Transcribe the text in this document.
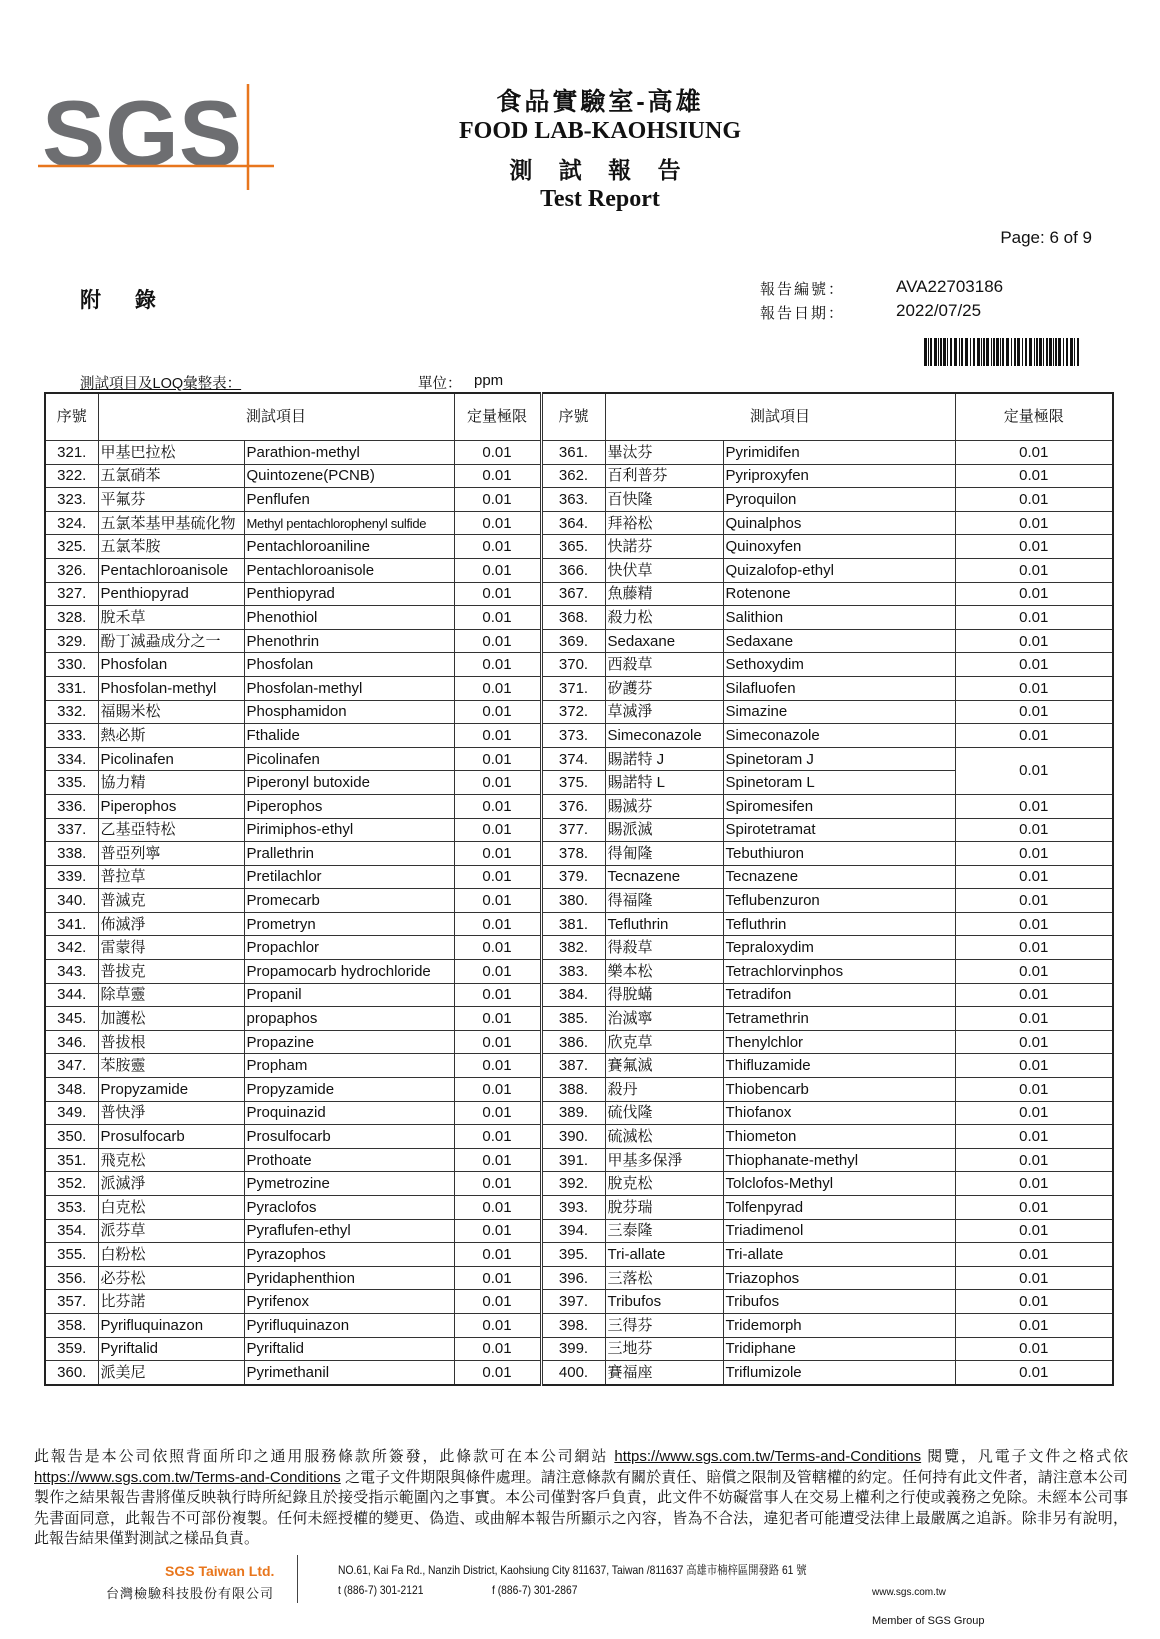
SGS	食品實驗室-高雄
FOOD LAB-KAOHSIUNG
測 試 報 告
Test Report
Page: 6 of 9
附 錄	報告編號：	AVA22703186
報告日期：	2022/07/25
測試項目及LOQ彙整表：	單位： ppm
序號	測試項目		定量極限	序號	測試項目		定量極限
321.	甲基巴拉松	Parathion-methyl	0.01	361.	畢汰芬	Pyrimidifen	0.01
322.	五氯硝苯	Quintozene(PCNB)	0.01	362.	百利普芬	Pyriproxyfen	0.01
323.	平氟芬	Penflufen	0.01	363.	百快隆	Pyroquilon	0.01
324.	五氯苯基甲基硫化物	Methyl pentachlorophenyl sulfide	0.01	364.	拜裕松	Quinalphos	0.01
325.	五氯苯胺	Pentachloroaniline	0.01	365.	快諾芬	Quinoxyfen	0.01
326.	Pentachloroanisole	Pentachloroanisole	0.01	366.	快伏草	Quizalofop-ethyl	0.01
327.	Penthiopyrad	Penthiopyrad	0.01	367.	魚藤精	Rotenone	0.01
328.	脫禾草	Phenothiol	0.01	368.	殺力松	Salithion	0.01
329.	酚丁滅蝨成分之一	Phenothrin	0.01	369.	Sedaxane	Sedaxane	0.01
330.	Phosfolan	Phosfolan	0.01	370.	西殺草	Sethoxydim	0.01
331.	Phosfolan-methyl	Phosfolan-methyl	0.01	371.	矽護芬	Silafluofen	0.01
332.	福賜米松	Phosphamidon	0.01	372.	草滅淨	Simazine	0.01
333.	熱必斯	Fthalide	0.01	373.	Simeconazole	Simeconazole	0.01
334.	Picolinafen	Picolinafen	0.01	374.	賜諾特 J	Spinetoram J	0.01
335.	協力精	Piperonyl butoxide	0.01	375.	賜諾特 L	Spinetoram L	
336.	Piperophos	Piperophos	0.01	376.	賜滅芬	Spiromesifen	0.01
337.	乙基亞特松	Pirimiphos-ethyl	0.01	377.	賜派滅	Spirotetramat	0.01
338.	普亞列寧	Prallethrin	0.01	378.	得匍隆	Tebuthiuron	0.01
339.	普拉草	Pretilachlor	0.01	379.	Tecnazene	Tecnazene	0.01
340.	普滅克	Promecarb	0.01	380.	得福隆	Teflubenzuron	0.01
341.	佈滅淨	Prometryn	0.01	381.	Tefluthrin	Tefluthrin	0.01
342.	雷蒙得	Propachlor	0.01	382.	得殺草	Tepraloxydim	0.01
343.	普拔克	Propamocarb hydrochloride	0.01	383.	樂本松	Tetrachlorvinphos	0.01
344.	除草靈	Propanil	0.01	384.	得脫蟎	Tetradifon	0.01
345.	加護松	propaphos	0.01	385.	治滅寧	Tetramethrin	0.01
346.	普拔根	Propazine	0.01	386.	欣克草	Thenylchlor	0.01
347.	苯胺靈	Propham	0.01	387.	賽氟滅	Thifluzamide	0.01
348.	Propyzamide	Propyzamide	0.01	388.	殺丹	Thiobencarb	0.01
349.	普快淨	Proquinazid	0.01	389.	硫伐隆	Thiofanox	0.01
350.	Prosulfocarb	Prosulfocarb	0.01	390.	硫滅松	Thiometon	0.01
351.	飛克松	Prothoate	0.01	391.	甲基多保淨	Thiophanate-methyl	0.01
352.	派滅淨	Pymetrozine	0.01	392.	脫克松	Tolclofos-Methyl	0.01
353.	白克松	Pyraclofos	0.01	393.	脫芬瑞	Tolfenpyrad	0.01
354.	派芬草	Pyraflufen-ethyl	0.01	394.	三泰隆	Triadimenol	0.01
355.	白粉松	Pyrazophos	0.01	395.	Tri-allate	Tri-allate	0.01
356.	必芬松	Pyridaphenthion	0.01	396.	三落松	Triazophos	0.01
357.	比芬諾	Pyrifenox	0.01	397.	Tribufos	Tribufos	0.01
358.	Pyrifluquinazon	Pyrifluquinazon	0.01	398.	三得芬	Tridemorph	0.01
359.	Pyriftalid	Pyriftalid	0.01	399.	三地芬	Tridiphane	0.01
360.	派美尼	Pyrimethanil	0.01	400.	賽福座	Triflumizole	0.01
此報告是本公司依照背面所印之通用服務條款所簽發，此條款可在本公司網站 https://www.sgs.com.tw/Terms-and-Conditions 閱覽，凡電子文件之格式依https://www.sgs.com.tw/Terms-and-Conditions 之電子文件期限與條件處理。請注意條款有關於責任、賠償之限制及管轄權的約定。任何持有此文件者，請注意本公司製作之結果報告書將僅反映執行時所紀錄且於接受指示範圍內之事實。本公司僅對客戶負責，此文件不妨礙當事人在交易上權利之行使或義務之免除。未經本公司事先書面同意，此報告不可部份複製。任何未經授權的變更、偽造、或曲解本報告所顯示之內容，皆為不合法，違犯者可能遭受法律上最嚴厲之追訴。除非另有說明，此報告結果僅對測試之樣品負責。
SGS Taiwan Ltd.
台灣檢驗科技股份有限公司
NO.61, Kai Fa Rd., Nanzih District, Kaohsiung City 811637, Taiwan /811637 高雄市楠梓區開發路 61 號
t (886-7) 301-2121	f (886-7) 301-2867	www.sgs.com.tw
Member of SGS Group
